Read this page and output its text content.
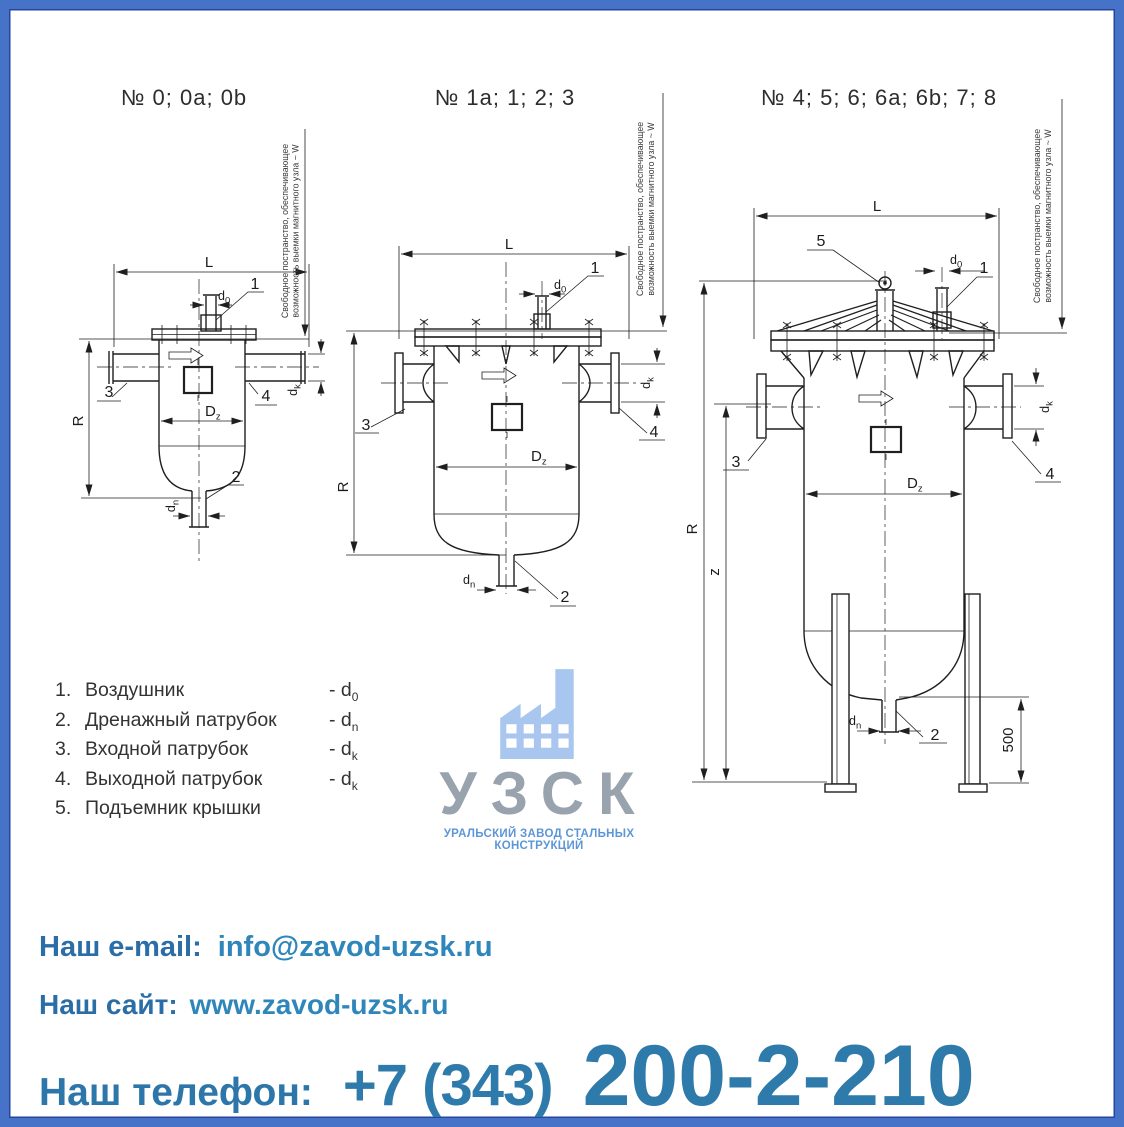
№ 0; 0a; 0b	№ 1a; 1; 2; 3	№ 4; 5; 6; 6a; 6b; 7; 8
R
L
$d_0$
1
$d_n$
2
3	4 $d_k$
$D_z$
Свободное постранство, обеспечивающее возможность выемки магнитного узла ~ W
R
L
$d_0$
1
$d_n$
2
$d_k$
3	4
$D_z$
Свободное постранство, обеспечивающее возможность выемки магнитного узла ~ W
R
z
L
$d_0$ 1
5
$d_k$
3
4
$D_z$
$d_n$
2	500
Свободное постранство, обеспечивающее возможность выемки магнитного узла ~ W
1. Воздушник	- $d_0$
2. Дренажный патрубок	- $d_n$
3. Входной патрубок	- $d_k$
4. Выходной патрубок	- $d_k$
5. Подъемник крышки	УЗСК
УРАЛЬСКИЙ ЗАВОД СТАЛЬНЫХ КОНСТРУКЦИЙ
Наш e-mail: info@zavod-uzsk.ru
Наш сайт: www.zavod-uzsk.ru
Наш телефон: +7 (343) 200-2-210
